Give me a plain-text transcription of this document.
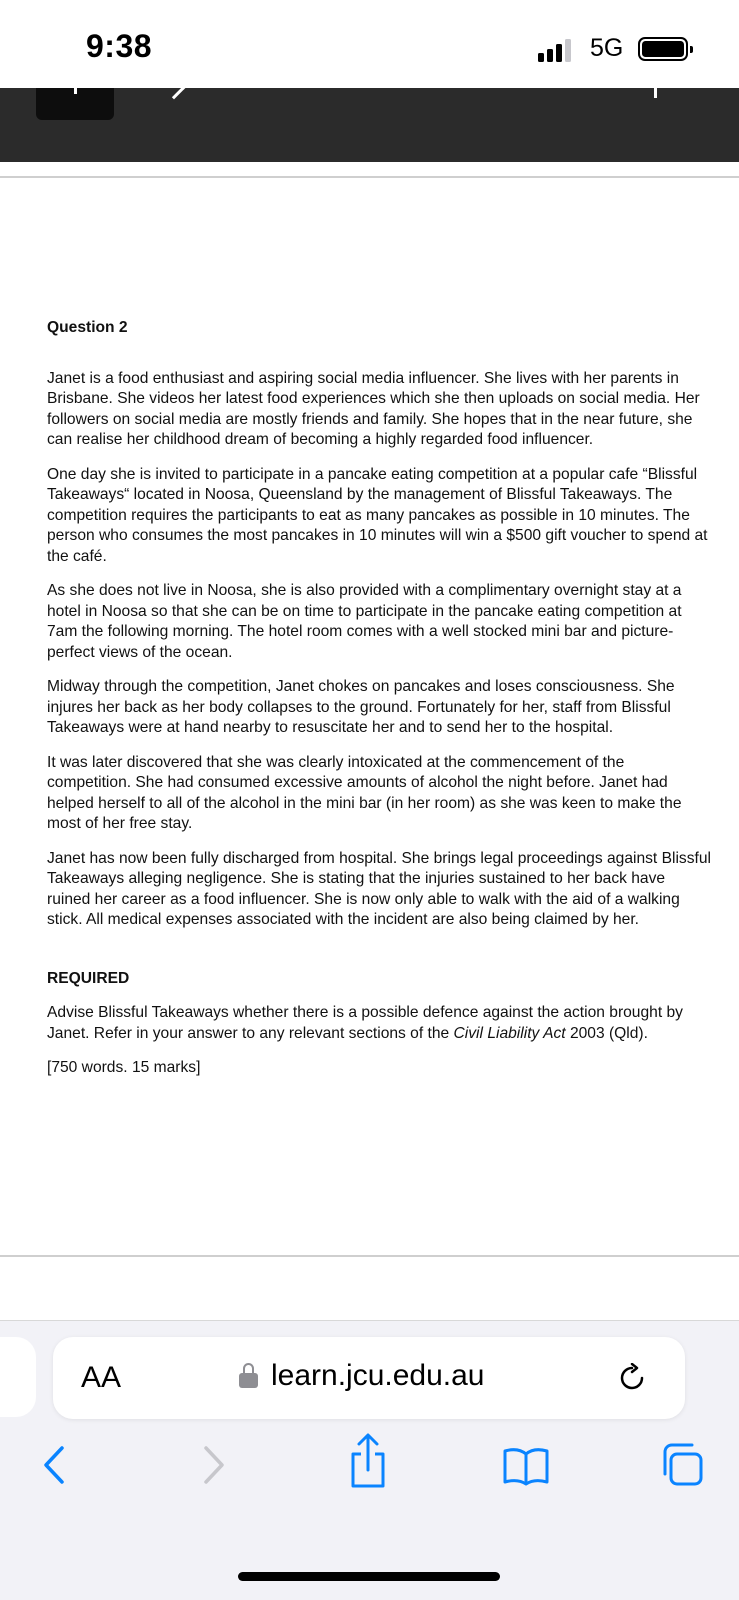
9:38	5G
Question 2

Janet is a food enthusiast and aspiring social media influencer. She lives with her parents in Brisbane. She videos her latest food experiences which she then uploads on social media. Her followers on social media are mostly friends and family. She hopes that in the near future, she can realise her childhood dream of becoming a highly regarded food influencer.

One day she is invited to participate in a pancake eating competition at a popular cafe “Blissful Takeaways“ located in Noosa, Queensland by the management of Blissful Takeaways. The competition requires the participants to eat as many pancakes as possible in 10 minutes. The person who consumes the most pancakes in 10 minutes will win a $500 gift voucher to spend at the café.

As she does not live in Noosa, she is also provided with a complimentary overnight stay at a hotel in Noosa so that she can be on time to participate in the pancake eating competition at 7am the following morning. The hotel room comes with a well stocked mini bar and picture-perfect views of the ocean.

Midway through the competition, Janet chokes on pancakes and loses consciousness. She injures her back as her body collapses to the ground. Fortunately for her, staff from Blissful Takeaways were at hand nearby to resuscitate her and to send her to the hospital.

It was later discovered that she was clearly intoxicated at the commencement of the competition. She had consumed excessive amounts of alcohol the night before. Janet had helped herself to all of the alcohol in the mini bar (in her room) as she was keen to make the most of her free stay.

Janet has now been fully discharged from hospital. She brings legal proceedings against Blissful Takeaways alleging negligence. She is stating that the injuries sustained to her back have ruined her career as a food influencer. She is now only able to walk with the aid of a walking stick. All medical expenses associated with the incident are also being claimed by her.

REQUIRED

Advise Blissful Takeaways whether there is a possible defence against the action brought by Janet. Refer in your answer to any relevant sections of the Civil Liability Act 2003 (Qld).

[750 words. 15 marks]

AA	learn.jcu.edu.au
